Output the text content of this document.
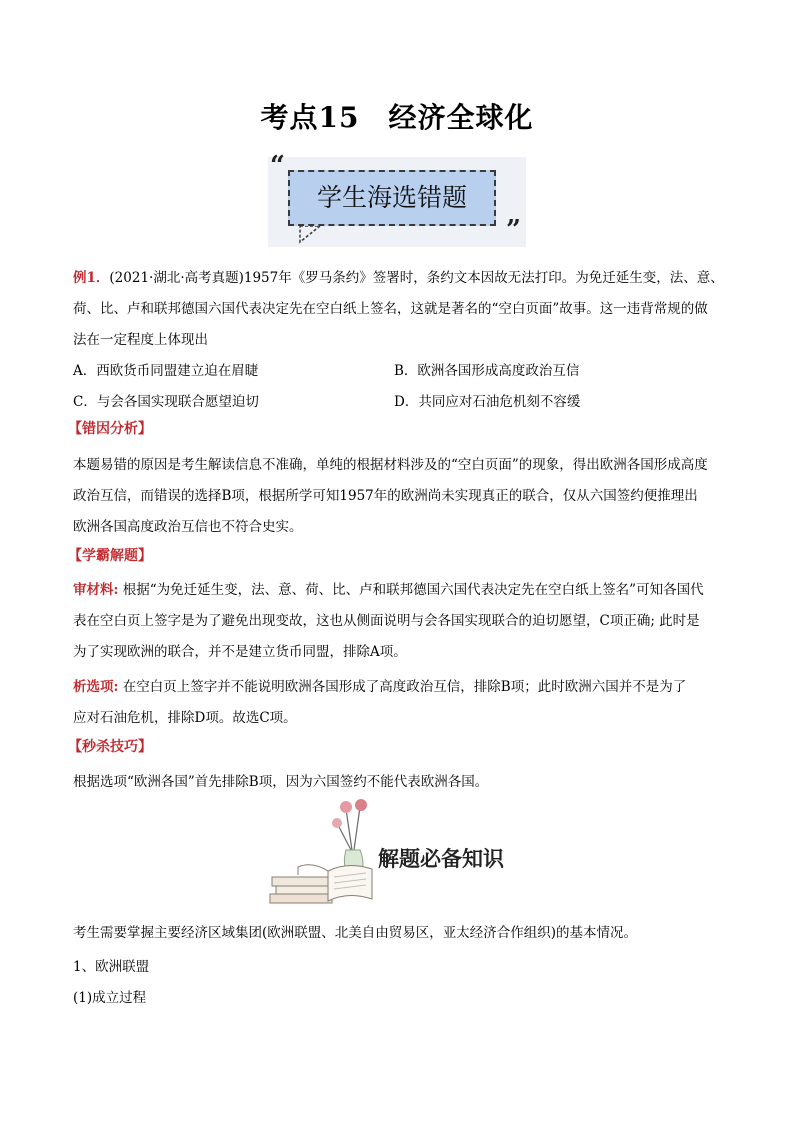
考点15　经济全球化
“
学生海选错题
”
例1．(2021·湖北·高考真题)1957年《罗马条约》签署时，条约文本因故无法打印。为免迁延生变，法、意、
荷、比、卢和联邦德国六国代表决定先在空白纸上签名，这就是著名的“空白页面”故事。这一违背常规的做
法在一定程度上体现出
A．西欧货币同盟建立迫在眉睫	B．欧洲各国形成高度政治互信
C．与会各国实现联合愿望迫切	D．共同应对石油危机刻不容缓
【错因分析】
本题易错的原因是考生解读信息不准确，单纯的根据材料涉及的“空白页面”的现象，得出欧洲各国形成高度
政治互信，而错误的选择B项，根据所学可知1957年的欧洲尚未实现真正的联合，仅从六国签约便推理出
欧洲各国高度政治互信也不符合史实。
【学霸解题】
审材料: 根据“为免迁延生变，法、意、荷、比、卢和联邦德国六国代表决定先在空白纸上签名”可知各国代
表在空白页上签字是为了避免出现变故，这也从侧面说明与会各国实现联合的迫切愿望，C项正确; 此时是
为了实现欧洲的联合，并不是建立货币同盟，排除A项。
析选项: 在空白页上签字并不能说明欧洲各国形成了高度政治互信，排除B项；此时欧洲六国并不是为了
应对石油危机，排除D项。故选C项。
【秒杀技巧】
根据选项“欧洲各国”首先排除B项，因为六国签约不能代表欧洲各国。
解题必备知识
考生需要掌握主要经济区域集团(欧洲联盟、北美自由贸易区，亚太经济合作组织)的基本情况。
1、欧洲联盟
(1)成立过程
